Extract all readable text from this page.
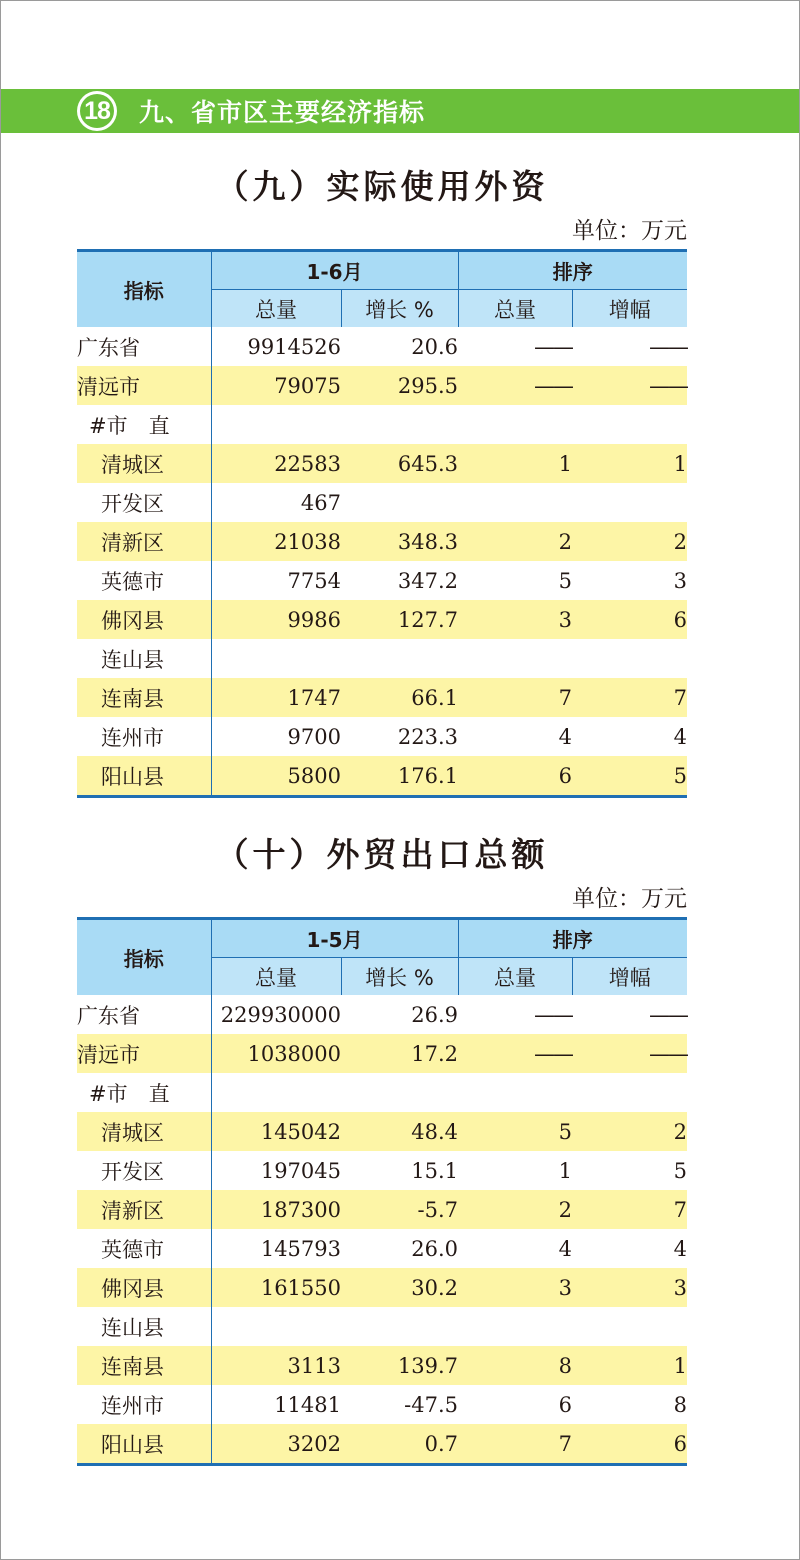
18 九、省市区主要经济指标
（九）实际使用外资
单位：万元
指标	1-6月		排序	
	总量	增长 %	总量	增幅
广东省	9914526	20.6	——	——
清远市	79075	295.5	——	——
#市　直				
清城区	22583	645.3	1	1
开发区	467			
清新区	21038	348.3	2	2
英德市	7754	347.2	5	3
佛冈县	9986	127.7	3	6
连山县				
连南县	1747	66.1	7	7
连州市	9700	223.3	4	4
阳山县	5800	176.1	6	5
（十）外贸出口总额
单位：万元
指标	1-5月		排序	
	总量	增长 %	总量	增幅
广东省	229930000	26.9	——	——
清远市	1038000	17.2	——	——
#市　直				
清城区	145042	48.4	5	2
开发区	197045	15.1	1	5
清新区	187300	-5.7	2	7
英德市	145793	26.0	4	4
佛冈县	161550	30.2	3	3
连山县				
连南县	3113	139.7	8	1
连州市	11481	-47.5	6	8
阳山县	3202	0.7	7	6
